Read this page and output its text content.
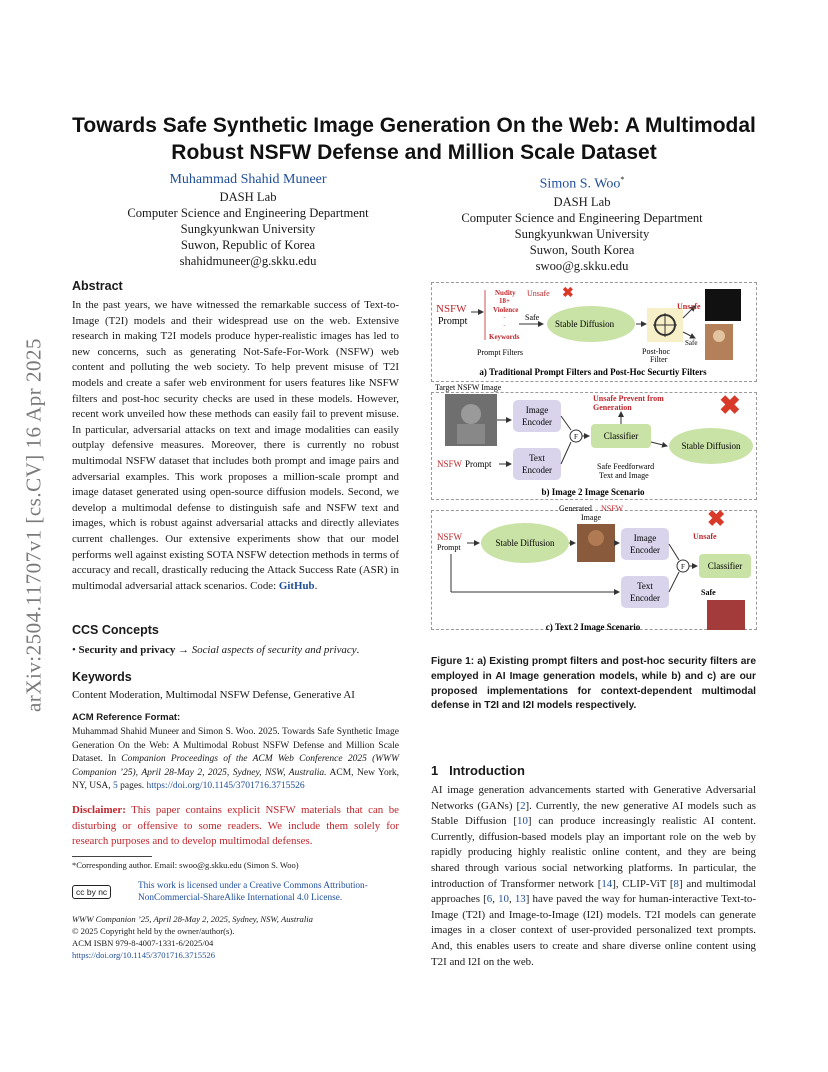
arXiv:2504.11707v1 [cs.CV] 16 Apr 2025
Towards Safe Synthetic Image Generation On the Web: A Multimodal Robust NSFW Defense and Million Scale Dataset
Muhammad Shahid Muneer
DASH Lab
Computer Science and Engineering Department
Sungkyunkwan University
Suwon, Republic of Korea
shahidmuneer@g.skku.edu
Simon S. Woo*
DASH Lab
Computer Science and Engineering Department
Sungkyunkwan University
Suwon, South Korea
swoo@g.skku.edu
Abstract
In the past years, we have witnessed the remarkable success of Text-to-Image (T2I) models and their widespread use on the web. Extensive research in making T2I models produce hyper-realistic images has led to new concerns, such as generating Not-Safe-For-Work (NSFW) web content and polluting the web society. To help prevent misuse of T2I models and create a safer web environment for users features like NSFW filters and post-hoc security checks are used in these models. However, recent work unveiled how these methods can easily fail to prevent misuse. In particular, adversarial attacks on text and image modalities can easily outplay defensive measures. Moreover, there is currently no robust multimodal NSFW dataset that includes both prompt and image pairs and adversarial examples. This work proposes a million-scale prompt and image dataset generated using open-source diffusion models. Second, we develop a multimodal defense to distinguish safe and NSFW text and images, which is robust against adversarial attacks and directly alleviates current challenges. Our extensive experiments show that our model performs well against existing SOTA NSFW detection methods in terms of accuracy and recall, drastically reducing the Attack Success Rate (ASR) in multimodal adversarial attack scenarios. Code: GitHub.
CCS Concepts
• Security and privacy → Social aspects of security and privacy.
Keywords
Content Moderation, Multimodal NSFW Defense, Generative AI
ACM Reference Format:
Muhammad Shahid Muneer and Simon S. Woo. 2025. Towards Safe Synthetic Image Generation On the Web: A Multimodal Robust NSFW Defense and Million Scale Dataset. In Companion Proceedings of the ACM Web Conference 2025 (WWW Companion ’25), April 28-May 2, 2025, Sydney, NSW, Australia. ACM, New York, NY, USA, 5 pages. https://doi.org/10.1145/3701716.3715526
Disclaimer: This paper contains explicit NSFW materials that can be disturbing or offensive to some readers. We include them solely for research purposes and to develop multimodal defenses.
*Corresponding author. Email: swoo@g.skku.edu (Simon S. Woo)
cc by nc
This work is licensed under a Creative Commons Attribution-NonCommercial-ShareAlike International 4.0 License.
WWW Companion ’25, April 28-May 2, 2025, Sydney, NSW, Australia
© 2025 Copyright held by the owner/author(s).
ACM ISBN 979-8-4007-1331-6/2025/04
https://doi.org/10.1145/3701716.3715526
NSFW
Prompt
Nudity
18+
Violence
·
·
Keywords
Unsafe ✖
Safe
Stable Diffusion
Unsafe
Safe
Prompt Filters	Post-hoc
Filter
a) Traditional Prompt Filters and Post-Hoc Securtiy Filters
Target NSFW Image
Image
Encoder
NSFW Prompt
Text
Encoder
F	Classifier
Unsafe Prevent from
Generation	✖
Stable Diffusion
Safe Feedforward
Text and Image
b) Image 2 Image Scenario
Generated NSFW
Image
NSFW
Prompt	Stable Diffusion	Image
Encoder
Text
Encoder
F	Classifier
Unsafe
✖
Safe
c) Text 2 Image Scenario
Figure 1: a) Existing prompt filters and post-hoc security filters are employed in AI Image generation models, while b) and c) are our proposed implementations for context-dependent multimodal defense in T2I and I2I models respectively.
1 Introduction
AI image generation advancements started with Generative Adversarial Networks (GANs) [2]. Currently, the new generative AI models such as Stable Diffusion [10] can produce increasingly realistic AI content. Currently, diffusion-based models play an important role on the web by rapidly producing highly realistic online content, and they are being shared through various social networking platforms. In particular, the introduction of Transformer network [14], CLIP-ViT [8] and multimodal approaches [6, 10, 13] have paved the way for human-interactive Text-to-Image (T2I) and Image-to-Image (I2I) models. T2I models can generate images in a closer context of user-provided personalized text prompts. And, this enables users to create and share diverse online content using T2I and I2I on the web.
